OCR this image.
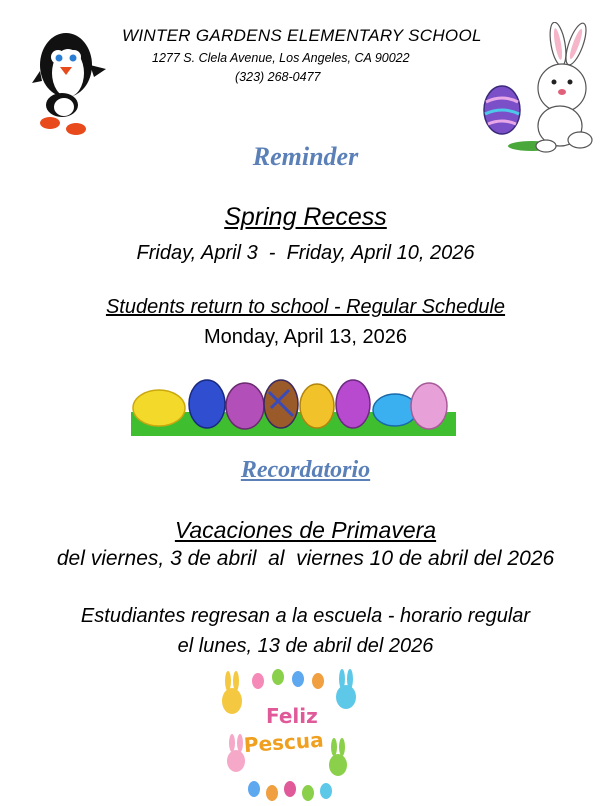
WINTER GARDENS ELEMENTARY SCHOOL
1277 S. Clela Avenue, Los Angeles, CA 90022
(323) 268-0477
Reminder
Spring Recess
Friday, April 3  -  Friday, April 10, 2026
Students return to school - Regular Schedule
Monday, April 13, 2026
Recordatorio
Vacaciones de Primavera
del viernes, 3 de abril  al  viernes 10 de abril del 2026
Estudiantes regresan a la escuela - horario regular
el lunes, 13 de abril del 2026
Feliz
Pescua
